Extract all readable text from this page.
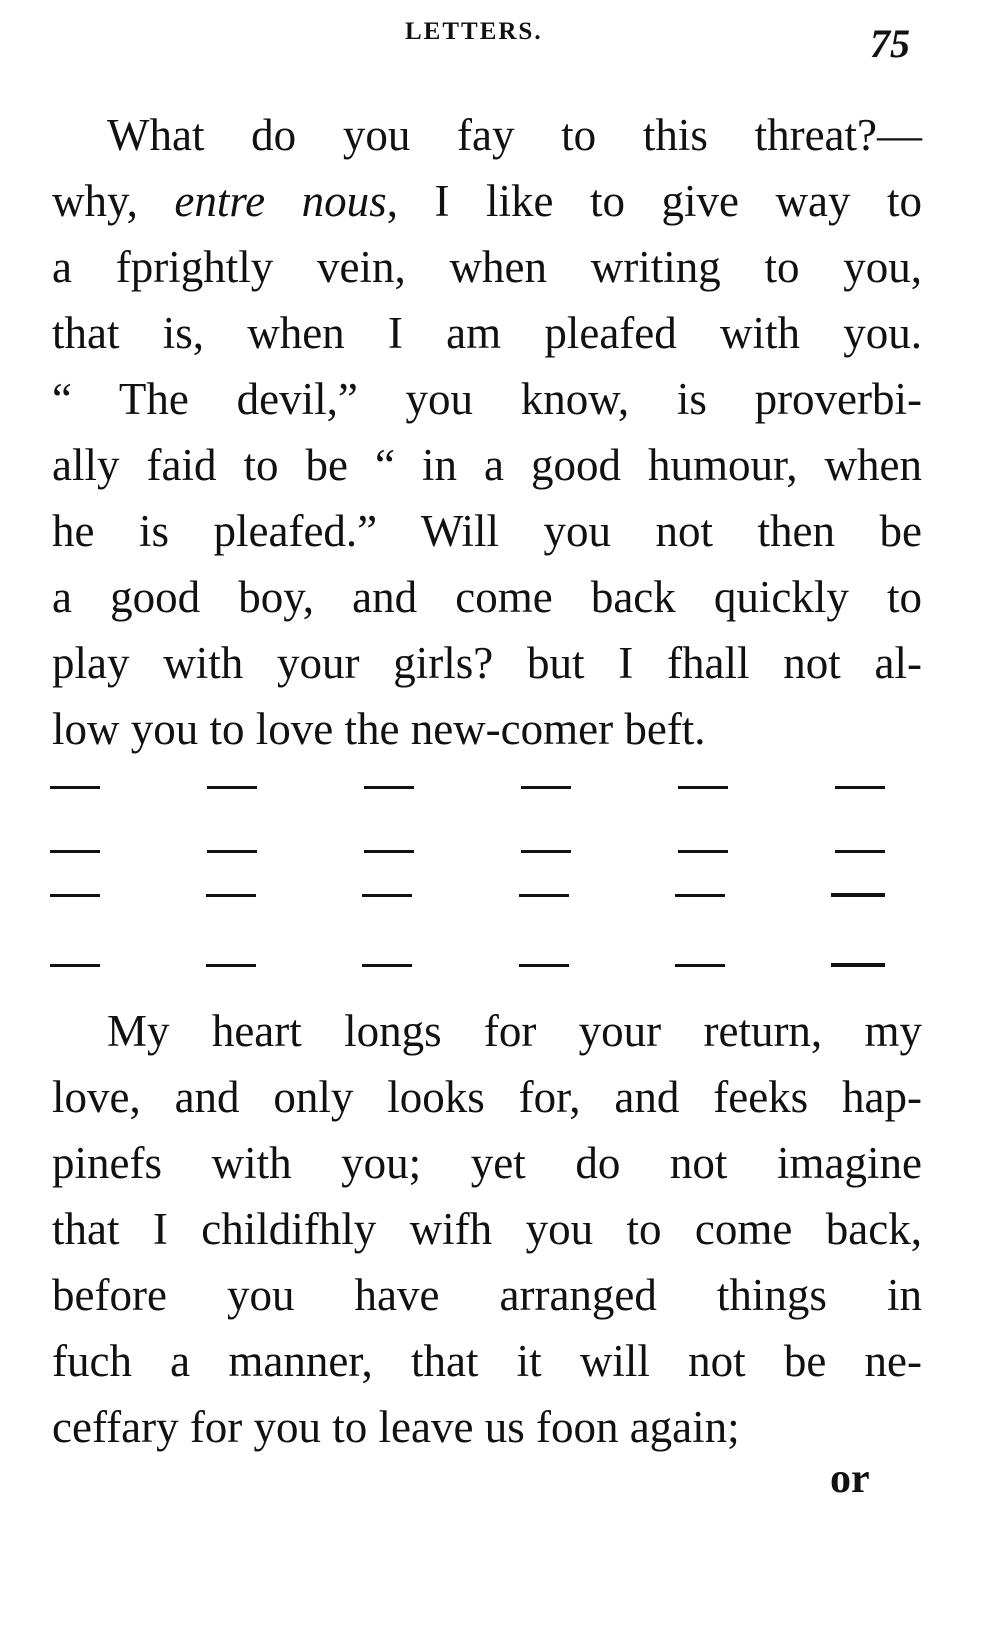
LETTERS.	75
What do you fay to this threat?—
why, entre nous, I like to give way to
a fprightly vein, when writing to you,
that is, when I am pleafed with you.
“ The devil,” you know, is proverbi-
ally faid to be “ in a good humour, when
he is pleafed.” Will you not then be
a good boy, and come back quickly to
play with your girls? but I fhall not al-
low you to love the new-comer beft.
My heart longs for your return, my
love, and only looks for, and feeks hap-
pinefs with you; yet do not imagine
that I childifhly wifh you to come back,
before you have arranged things in
fuch a manner, that it will not be ne-
ceffary for you to leave us foon again;
or
